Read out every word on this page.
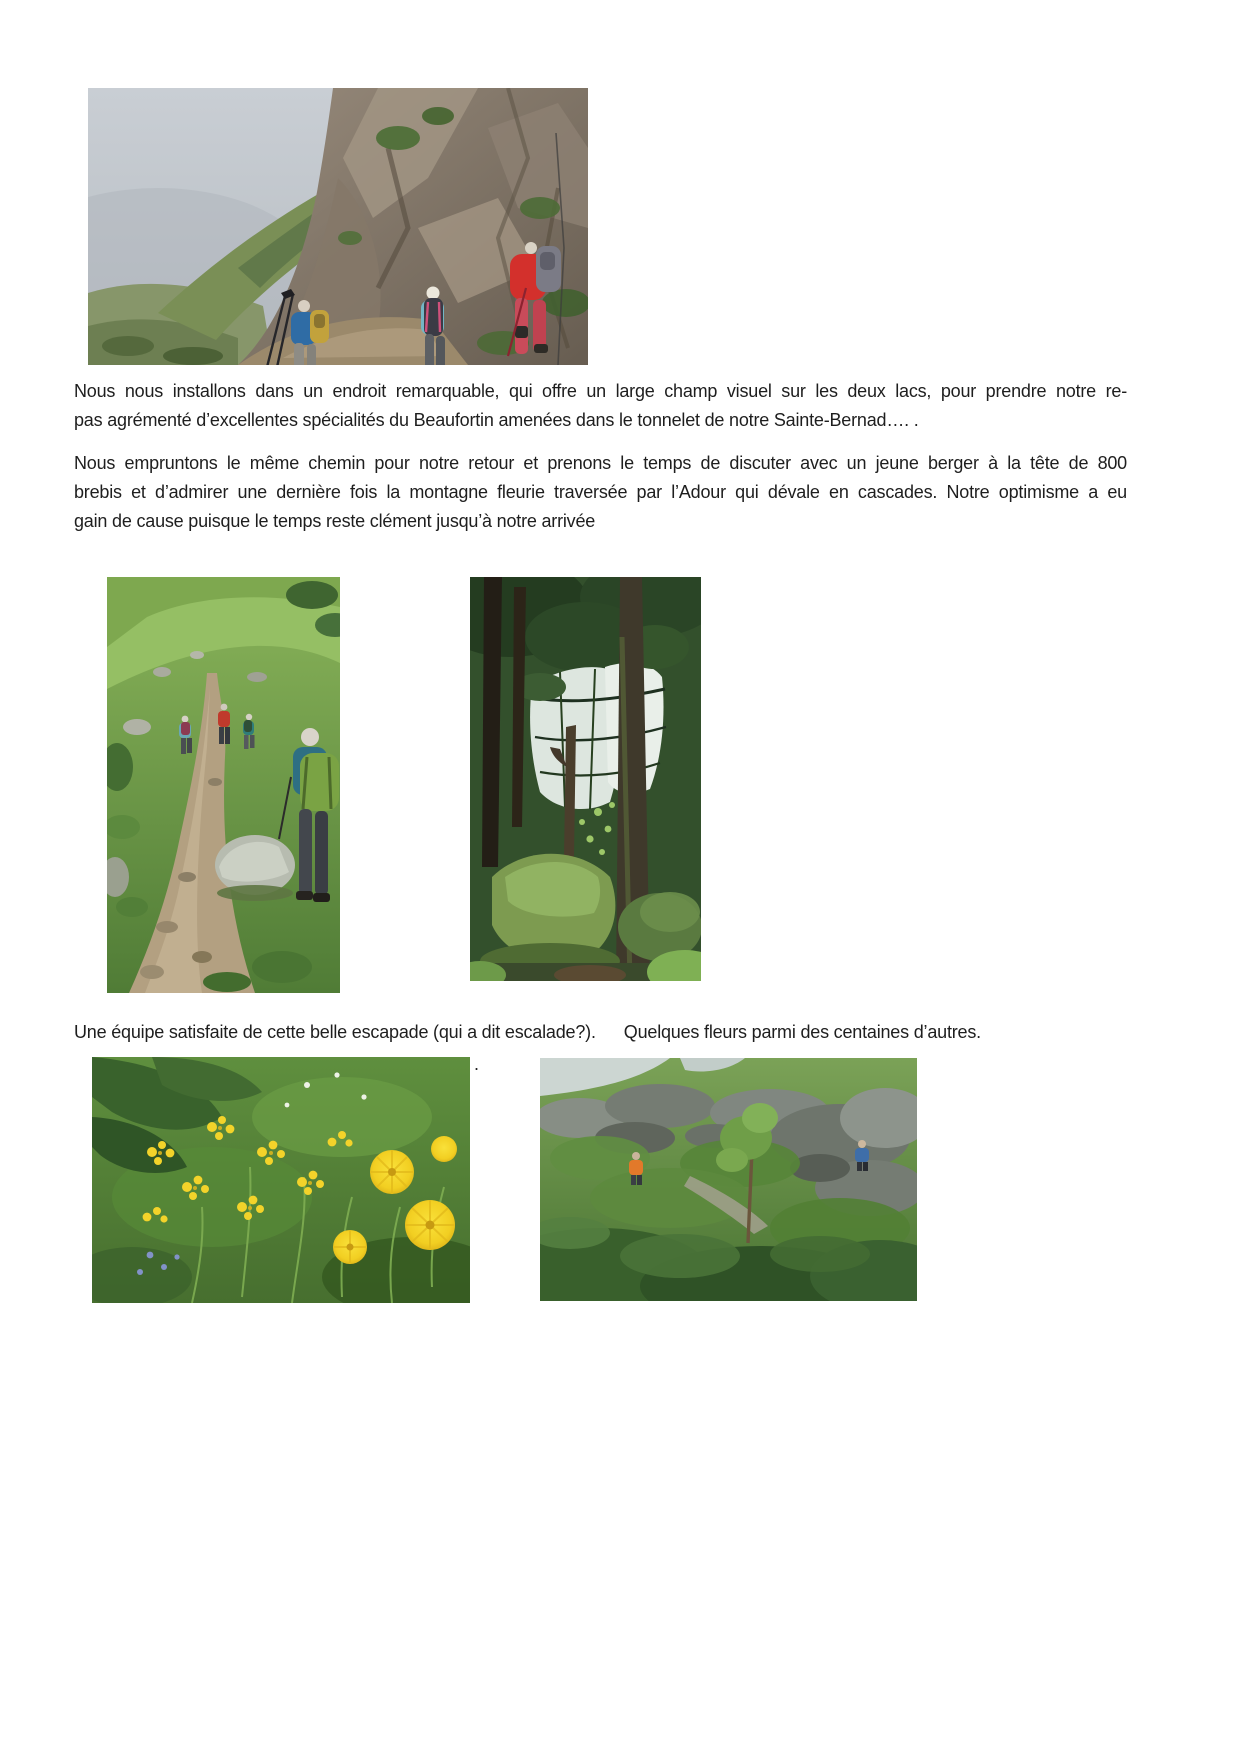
Nous nous installons dans un endroit remarquable, qui offre un large champ visuel sur les deux lacs, pour prendre notre re-
pas agrémenté d’excellentes spécialités du Beaufortin amenées dans le tonnelet de notre Sainte-Bernad…. .
Nous empruntons le même chemin pour notre retour et prenons le temps de discuter avec un jeune berger à la tête de 800
brebis et d’admirer une dernière fois la montagne fleurie traversée par l’Adour qui dévale en cascades. Notre optimisme a eu
gain de cause puisque le temps reste clément jusqu’à notre arrivée
Une équipe satisfaite de cette belle escapade (qui a dit escalade?). Quelques fleurs parmi des centaines d’autres.
.
